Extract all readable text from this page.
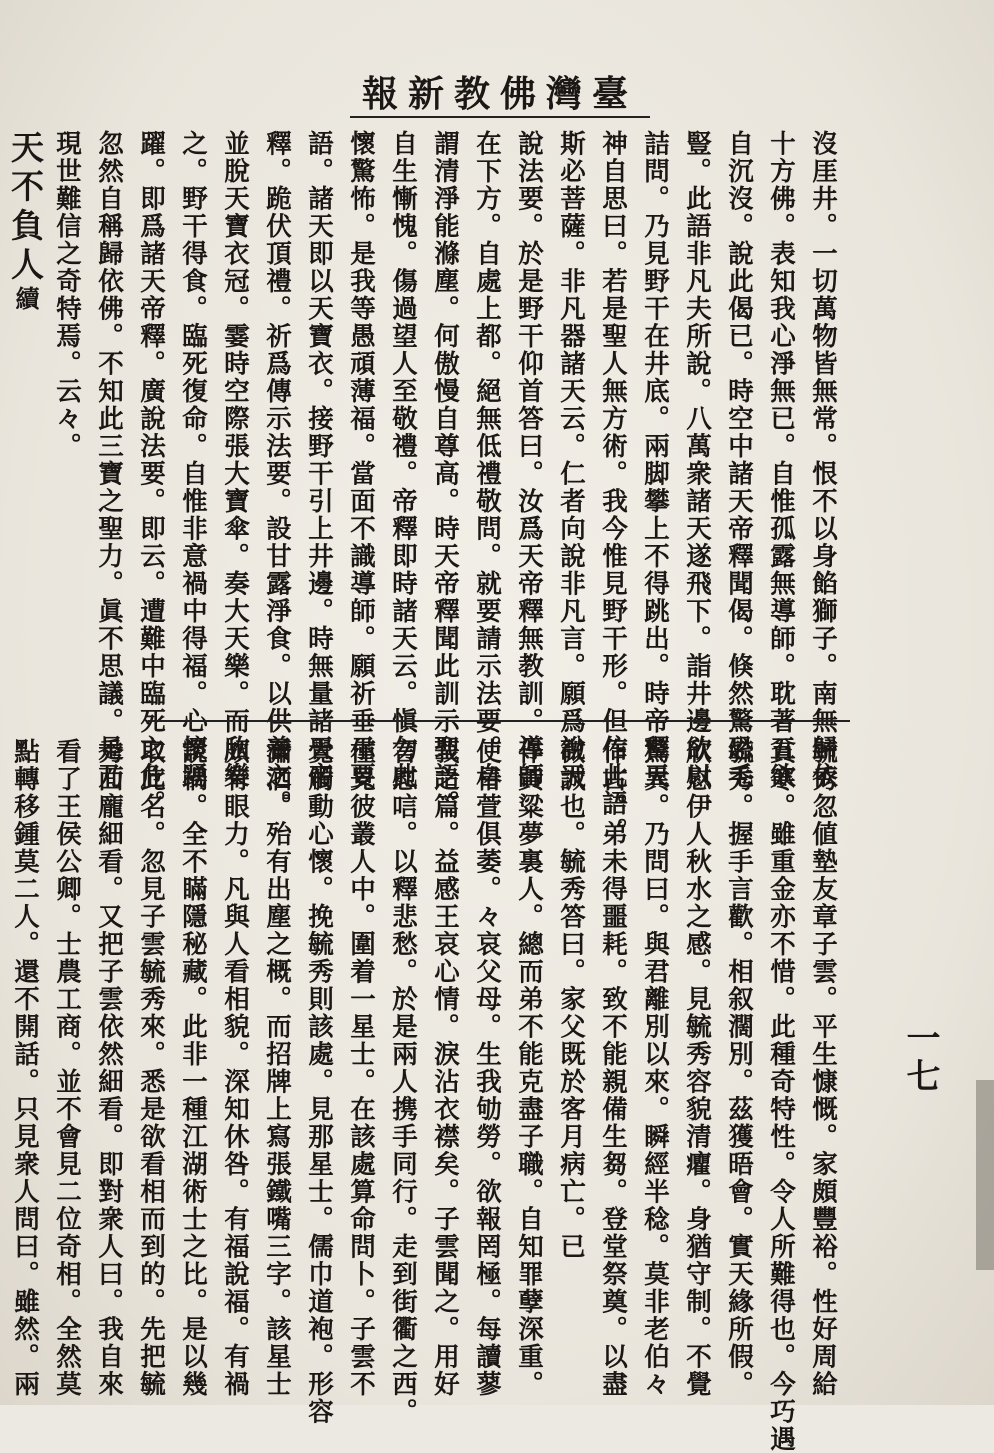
臺灣佛教新報
沒厓井。一切萬物皆無常。恨不以身餡獅子。南無歸依
十方佛。表知我心淨無已。自惟孤露無導師。耽著五欲
自沉沒。說此偈已。時空中諸天帝釋聞偈。倏然驚恐毛
豎。此語非凡夫所說。八萬衆諸天遂飛下。詣井邊欲以
詰問。乃見野干在井底。兩脚攀上不得跳出。時帝釋天
神自思曰。若是聖人無方術。我今惟見野干形。但信此語。
斯必菩薩。非凡器諸天云。仁者向說非凡言。願爲說天
說法要。於是野干仰首答曰。汝爲天帝釋無教訓。導師
在下方。自處上都。絕無低禮敬問。就要請示法要。自
謂清淨能滌塵。何傲慢自尊高。時天帝釋聞此訓示聖語。
自生慚愧。傷過望人至敬禮。帝釋即時諸天云。愼勿此
懷驚怖。是我等愚頑薄福。當面不識導師。願祈垂示要
語。諸天即以天寶衣。接野干引上井邊。時無量諸天帝
釋。跪伏頂禮。祈爲傳示法要。設甘露淨食。以供養之。
並脫天寶衣冠。霎時空際張大寶傘。奏大天樂。而欣樂
之。野干得食。臨死復命。自惟非意禍中得福。心懷踴
躍。即爲諸天帝釋。廣說法要。即云。遭難中臨死之危。
忽然自稱歸依佛。不知此三寶之聖力。眞不思議。是乃
現世難信之奇特焉。云々。
天不負人續
一七
毓秀忽値墊友章子雲。平生慷慨。家頗豐裕。性好周給
貧寒。雖重金亦不惜。此種奇特性。令人所難得也。今巧遇
毓秀。握手言歡。相叙濶別。茲獲晤會。實天緣所假。
欣慰伊人秋水之感。見毓秀容貌清癯。身猶守制。不覺
驚異。乃問曰。與君離別以來。瞬經半稔。莫非老伯々
作古。弟未得噩耗。致不能親備生芻。登堂祭奠。以盡
微誠也。毓秀答曰。家父既於客月病亡。已
作黃粱夢裏人。總而弟不能克盡子職。自知罪孽深重。
使椿萱俱萎。々哀父母。生我劬勞。欲報罔極。每讀蓼
莪之篇。益感王哀心情。淚沾衣襟矣。子雲聞之。用好
言慰唁。以釋悲愁。於是兩人携手同行。走到街衢之西。
僅見彼叢人中。圍着一星士。在該處算命問卜。子雲不
覺觸動心懷。挽毓秀則該處。見那星士。儒巾道袍。形容
瀟洒。殆有出塵之概。而招牌上寫張鐵嘴三字。該星士
頗有眼力。凡與人看相貌。深知休咎。有福說福。有禍
說禍。全不瞞隱秘藏。此非一種江湖術士之比。是以幾
取此名。忽見子雲毓秀來。悉是欲看相而到的。先把毓
秀面龐細看。又把子雲依然細看。即對衆人曰。我自來
看了王侯公卿。士農工商。並不會見二位奇相。全然莫
點轉移鍾莫二人。還不開話。只見衆人問曰。雖然。兩
